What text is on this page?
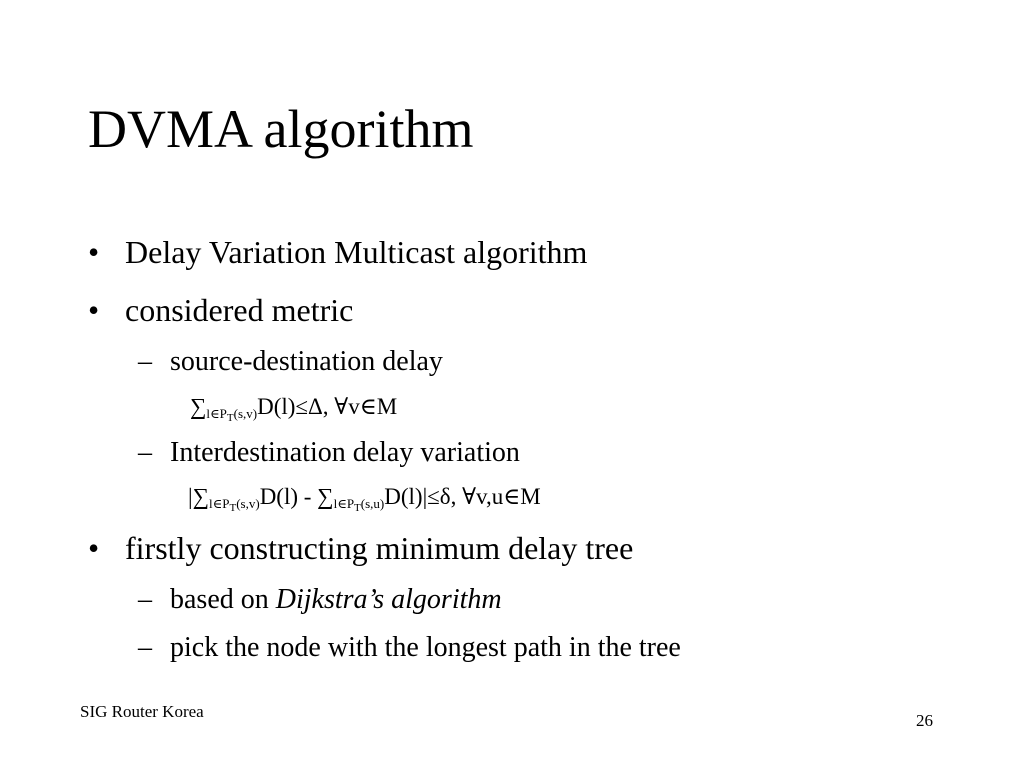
DVMA algorithm
• Delay Variation Multicast algorithm
• considered metric
– source-destination delay
$\sum_{l\in P_T(s,v)}D(l)\le\Delta$, ∀v∈M
– Interdestination delay variation
$|\sum_{l\in P_T(s,v)}D(l) - \sum_{l\in P_T(s,u)}D(l)|\le\delta$, ∀v,u∈M
• firstly constructing minimum delay tree
– based on Dijkstra’s algorithm
– pick the node with the longest path in the tree
SIG Router Korea	26
